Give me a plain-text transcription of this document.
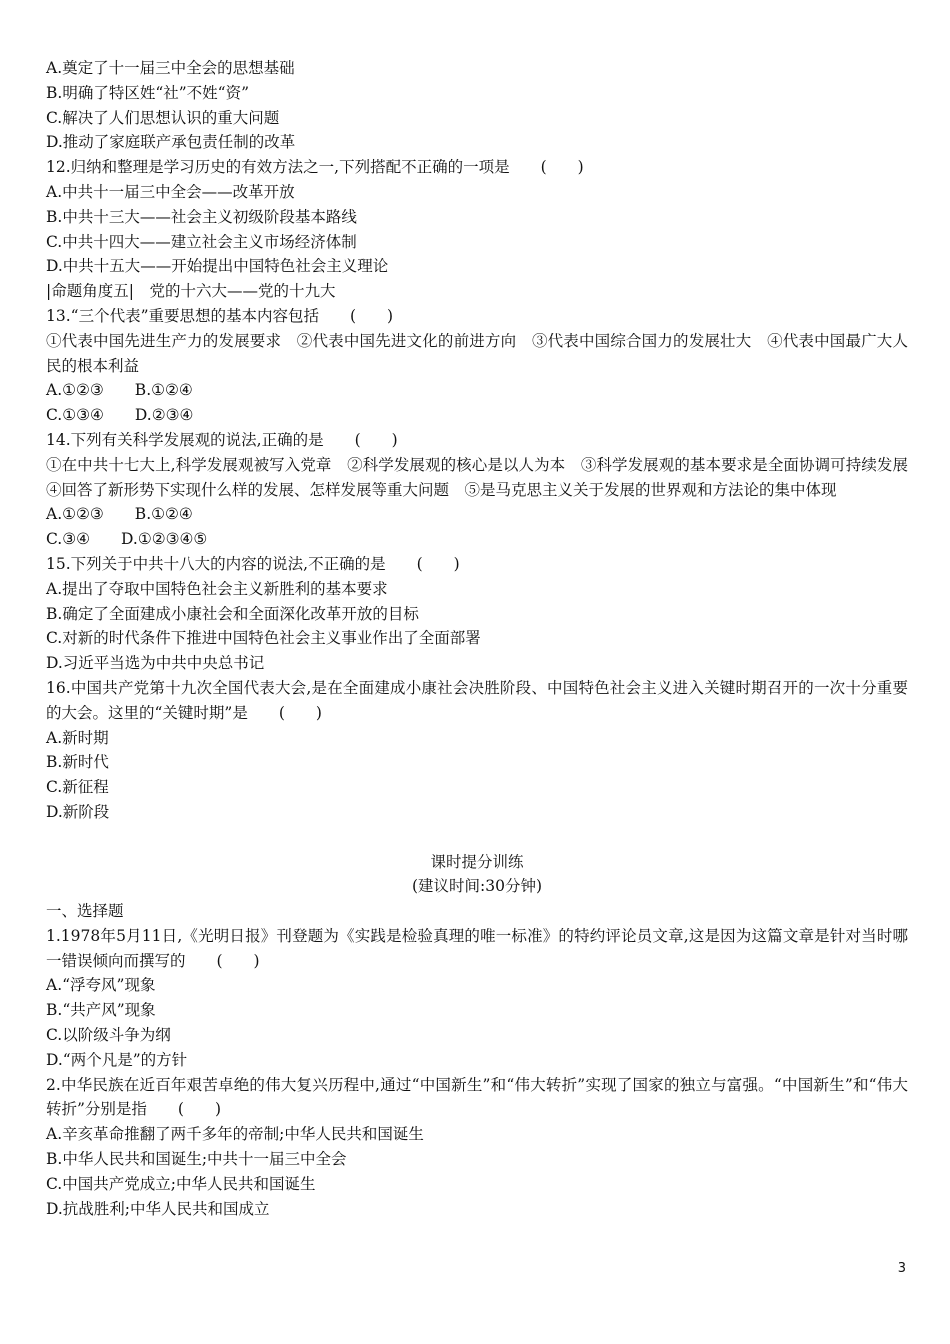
A.奠定了十一届三中全会的思想基础
B.明确了特区姓“社”不姓“资”
C.解决了人们思想认识的重大问题
D.推动了家庭联产承包责任制的改革
12.归纳和整理是学习历史的有效方法之一,下列搭配不正确的一项是　　(　　)
A.中共十一届三中全会——改革开放
B.中共十三大——社会主义初级阶段基本路线
C.中共十四大——建立社会主义市场经济体制
D.中共十五大——开始提出中国特色社会主义理论
|命题角度五|　党的十六大——党的十九大
13.“三个代表”重要思想的基本内容包括　　(　　)
①代表中国先进生产力的发展要求　②代表中国先进文化的前进方向　③代表中国综合国力的发展壮大　④代表中国最广大人民的根本利益
A.①②③　　B.①②④
C.①③④　　D.②③④
14.下列有关科学发展观的说法,正确的是　　(　　)
①在中共十七大上,科学发展观被写入党章　②科学发展观的核心是以人为本　③科学发展观的基本要求是全面协调可持续发展　④回答了新形势下实现什么样的发展、怎样发展等重大问题　⑤是马克思主义关于发展的世界观和方法论的集中体现
A.①②③　　B.①②④
C.③④　　D.①②③④⑤
15.下列关于中共十八大的内容的说法,不正确的是　　(　　)
A.提出了夺取中国特色社会主义新胜利的基本要求
B.确定了全面建成小康社会和全面深化改革开放的目标
C.对新的时代条件下推进中国特色社会主义事业作出了全面部署
D.习近平当选为中共中央总书记
16.中国共产党第十九次全国代表大会,是在全面建成小康社会决胜阶段、中国特色社会主义进入关键时期召开的一次十分重要的大会。这里的“关键时期”是　　(　　)
A.新时期
B.新时代
C.新征程
D.新阶段
课时提分训练
(建议时间:30分钟)
一、选择题
1.1978年5月11日,《光明日报》刊登题为《实践是检验真理的唯一标准》的特约评论员文章,这是因为这篇文章是针对当时哪一错误倾向而撰写的　　(　　)
A.“浮夸风”现象
B.“共产风”现象
C.以阶级斗争为纲
D.“两个凡是”的方针
2.中华民族在近百年艰苦卓绝的伟大复兴历程中,通过“中国新生”和“伟大转折”实现了国家的独立与富强。“中国新生”和“伟大转折”分别是指　　(　　)
A.辛亥革命推翻了两千多年的帝制;中华人民共和国诞生
B.中华人民共和国诞生;中共十一届三中全会
C.中国共产党成立;中华人民共和国诞生
D.抗战胜利;中华人民共和国成立
3
